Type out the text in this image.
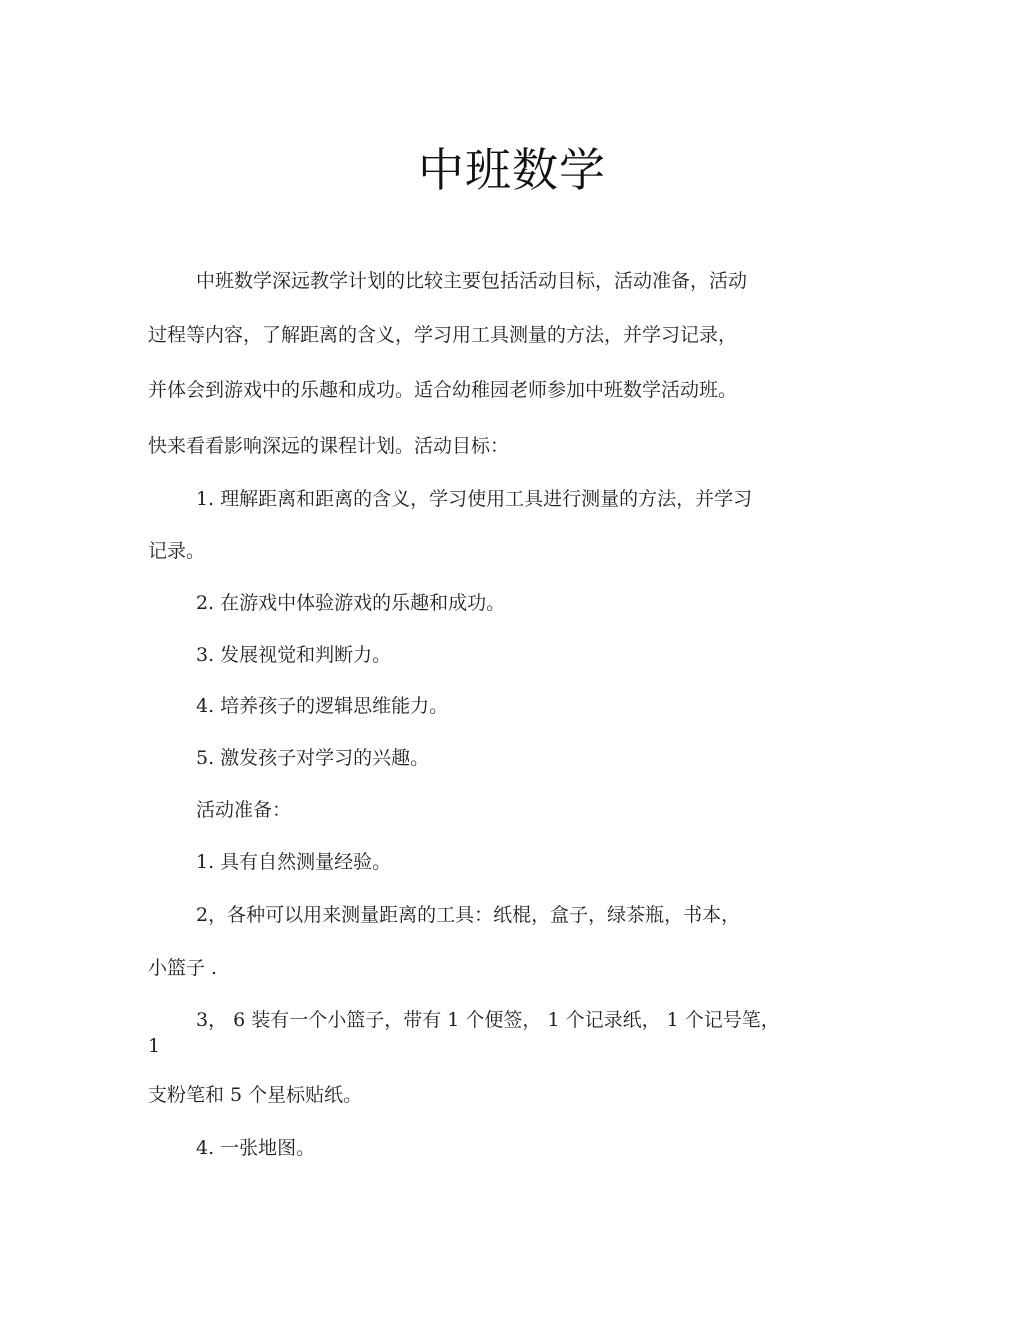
中班数学
中班数学深远教学计划的比较主要包括活动目标，活动准备，活动
过程等内容，了解距离的含义，学习用工具测量的方法，并学习记录，
并体会到游戏中的乐趣和成功。适合幼稚园老师参加中班数学活动班。
快来看看影响深远的课程计划。活动目标：
1. 理解距离和距离的含义，学习使用工具进行测量的方法，并学习
记录。
2. 在游戏中体验游戏的乐趣和成功。
3. 发展视觉和判断力。
4. 培养孩子的逻辑思维能力。
5. 激发孩子对学习的兴趣。
活动准备：
1. 具有自然测量经验。
2，各种可以用来测量距离的工具：纸棍，盒子，绿茶瓶，书本，
小篮子 .
3， 6 装有一个小篮子，带有 1 个便签， 1 个记录纸， 1 个记号笔，
1
支粉笔和 5 个星标贴纸。
4. 一张地图。
